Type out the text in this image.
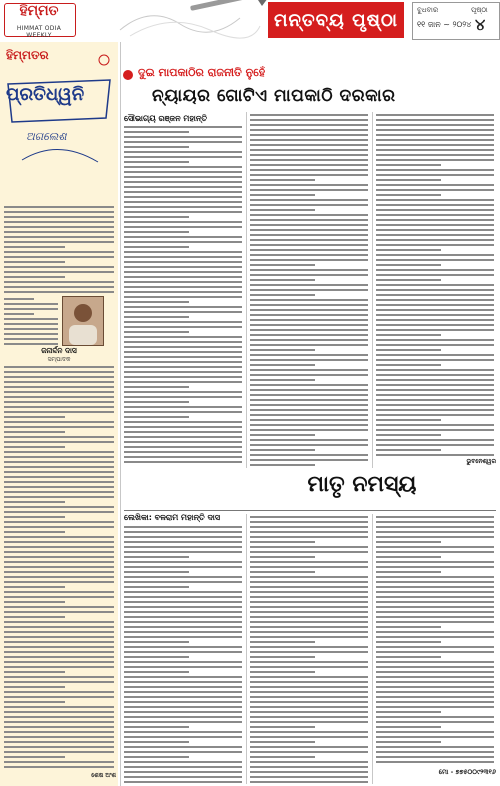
ହିମ୍ମତ
HIMMAT ODIA WEEKLY
ମନ୍ତବ୍ୟ ପୃଷ୍ଠା	ବୁଧବାର	ପୃଷ୍ଠା
୧୧ ଜାନ ~ ୨୦୨୪ ୪
ହିମ୍ମତର
ପ୍ରତିଧ୍ୱନି
ଅଗଲେଶ
ଜନାର୍ଦ୍ଦନ ଦାସ
ସମ୍ପାଦକ
ଶେଷ ଅଂଶ
ଦୁଇ ମାପକାଠିର ରାଜନୀତି ନୁହେଁ
ନ୍ୟାୟର ଗୋଟିଏ ମାପକାଠି ଦରକାର
ସୌଭାଗ୍ୟ ରଞ୍ଜନ ମହାନ୍ତି
ଭୁବନେଶ୍ୱର
ମାତୃ ନମସ୍ୟ
ଲେଖିକା: ବଳରାମ ମହାନ୍ତି ଦାସ
ମୋ - ୭୭୫୦୦୯୨୩୧୬
